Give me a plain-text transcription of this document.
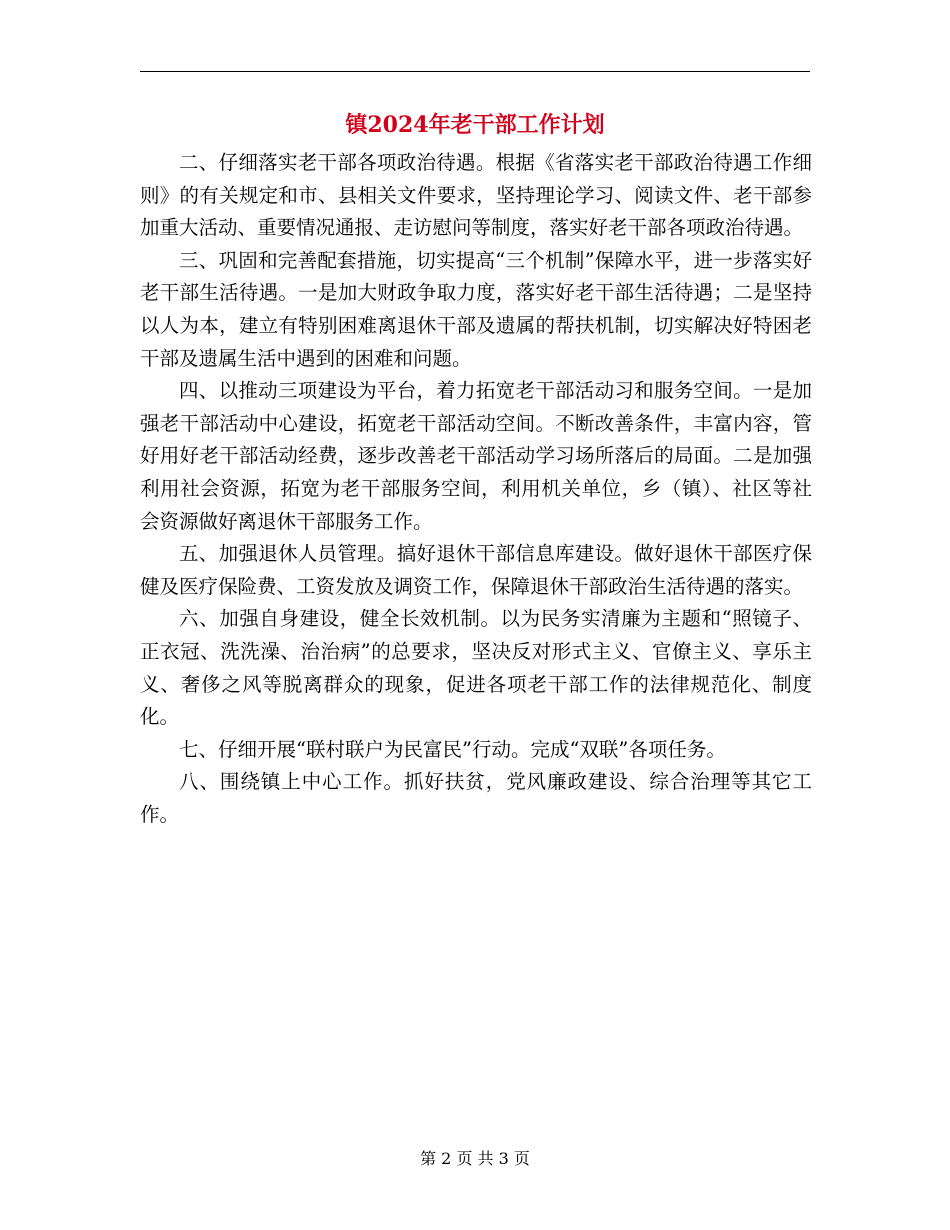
镇2024年老干部工作计划

二、仔细落实老干部各项政治待遇。根据《省落实老干部政治待遇工作细则》的有关规定和市、县相关文件要求，坚持理论学习、阅读文件、老干部参加重大活动、重要情况通报、走访慰问等制度，落实好老干部各项政治待遇。

三、巩固和完善配套措施，切实提高“三个机制”保障水平，进一步落实好老干部生活待遇。一是加大财政争取力度，落实好老干部生活待遇；二是坚持以人为本，建立有特别困难离退休干部及遗属的帮扶机制，切实解决好特困老干部及遗属生活中遇到的困难和问题。

四、以推动三项建设为平台，着力拓宽老干部活动习和服务空间。一是加强老干部活动中心建设，拓宽老干部活动空间。不断改善条件，丰富内容，管好用好老干部活动经费，逐步改善老干部活动学习场所落后的局面。二是加强利用社会资源，拓宽为老干部服务空间，利用机关单位，乡（镇）、社区等社会资源做好离退休干部服务工作。

五、加强退休人员管理。搞好退休干部信息库建设。做好退休干部医疗保健及医疗保险费、工资发放及调资工作，保障退休干部政治生活待遇的落实。

六、加强自身建设，健全长效机制。以为民务实清廉为主题和“照镜子、正衣冠、洗洗澡、治治病”的总要求，坚决反对形式主义、官僚主义、享乐主义、奢侈之风等脱离群众的现象，促进各项老干部工作的法律规范化、制度化。

七、仔细开展“联村联户为民富民”行动。完成“双联”各项任务。

八、围绕镇上中心工作。抓好扶贫，党风廉政建设、综合治理等其它工作。

第 2 页 共 3 页
